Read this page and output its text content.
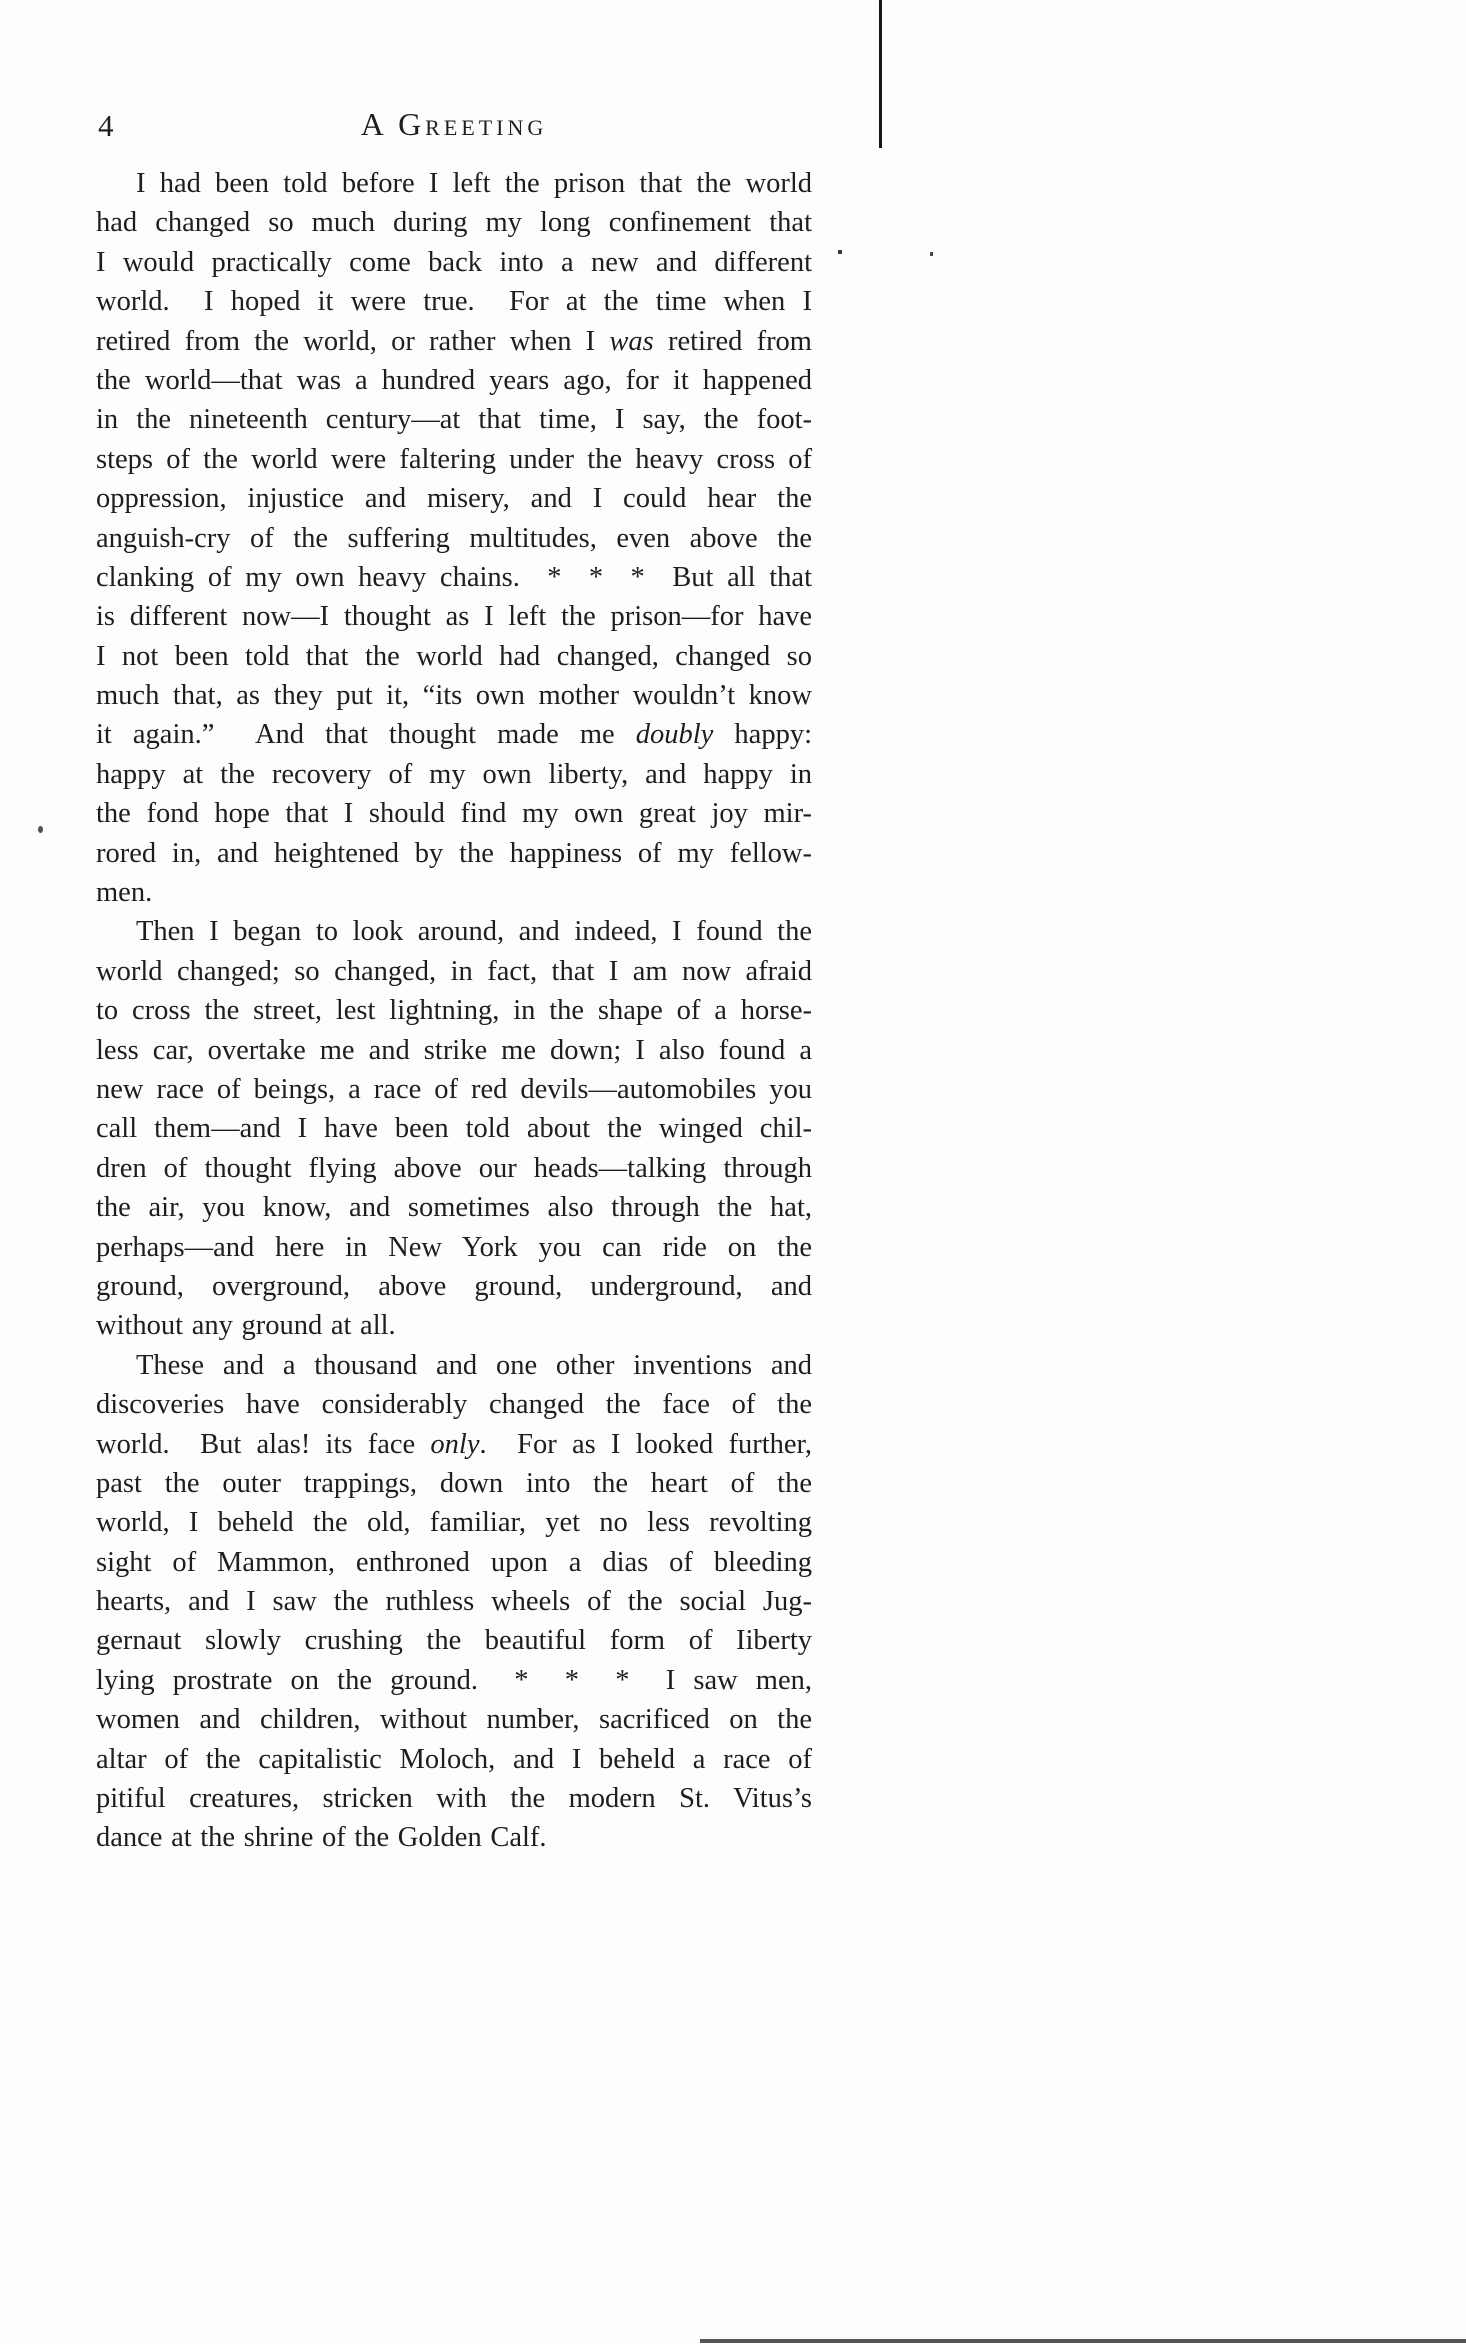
4	A Greeting

I had been told before I left the prison that the world
had changed so much during my long confinement that
I would practically come back into a new and different
world.  I hoped it were true.  For at the time when I
retired from the world, or rather when I was retired from
the world—that was a hundred years ago, for it happened
in the nineteenth century—at that time, I say, the foot-
steps of the world were faltering under the heavy cross of
oppression, injustice and misery, and I could hear the
anguish-cry of the suffering multitudes, even above the
clanking of my own heavy chains.  *  *  *  But all that
is different now—I thought as I left the prison—for have
I not been told that the world had changed, changed so
much that, as they put it, “its own mother wouldn’t know
it again.”  And that thought made me doubly happy:
happy at the recovery of my own liberty, and happy in
the fond hope that I should find my own great joy mir-
rored in, and heightened by the happiness of my fellow-
men.

Then I began to look around, and indeed, I found the
world changed; so changed, in fact, that I am now afraid
to cross the street, lest lightning, in the shape of a horse-
less car, overtake me and strike me down; I also found a
new race of beings, a race of red devils—automobiles you
call them—and I have been told about the winged chil-
dren of thought flying above our heads—talking through
the air, you know, and sometimes also through the hat,
perhaps—and here in New York you can ride on the
ground, overground, above ground, underground, and
without any ground at all.

These and a thousand and one other inventions and
discoveries have considerably changed the face of the
world.  But alas! its face only.  For as I looked further,
past the outer trappings, down into the heart of the
world, I beheld the old, familiar, yet no less revolting
sight of Mammon, enthroned upon a dias of bleeding
hearts, and I saw the ruthless wheels of the social Jug-
gernaut slowly crushing the beautiful form of Iiberty
lying prostrate on the ground.  *  *  *  I saw men,
women and children, without number, sacrificed on the
altar of the capitalistic Moloch, and I beheld a race of
pitiful creatures, stricken with the modern St. Vitus’s
dance at the shrine of the Golden Calf.
